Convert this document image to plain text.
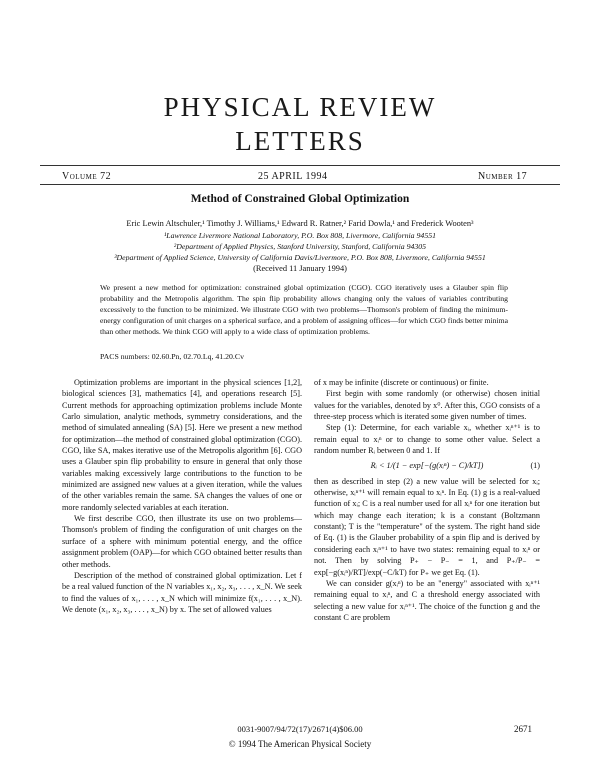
PHYSICAL REVIEW
LETTERS
Volume 72	25 APRIL 1994	Number 17
Method of Constrained Global Optimization
Eric Lewin Altschuler,¹ Timothy J. Williams,¹ Edward R. Ratner,² Farid Dowla,¹ and Frederick Wooten³
¹Lawrence Livermore National Laboratory, P.O. Box 808, Livermore, California 94551
²Department of Applied Physics, Stanford University, Stanford, California 94305
³Department of Applied Science, University of California Davis/Livermore, P.O. Box 808, Livermore, California 94551
(Received 11 January 1994)
We present a new method for optimization: constrained global optimization (CGO). CGO iteratively uses a Glauber spin flip probability and the Metropolis algorithm. The spin flip probability allows changing only the values of variables contributing excessively to the function to be minimized. We illustrate CGO with two problems—Thomson's problem of finding the minimum-energy configuration of unit charges on a spherical surface, and a problem of assigning offices—for which CGO finds better minima than other methods. We think CGO will apply to a wide class of optimization problems.
PACS numbers: 02.60.Pn, 02.70.Lq, 41.20.Cv

Optimization problems are important in the physical sciences [1,2], biological sciences [3], mathematics [4], and operations research [5]. Current methods for approaching optimization problems include Monte Carlo simulation, analytic methods, symmetry considerations, and the method of simulated annealing (SA) [5]. Here we present a new method for optimization—the method of constrained global optimization (CGO). CGO, like SA, makes iterative use of the Metropolis algorithm [6]. CGO uses a Glauber spin flip probability to ensure in general that only those variables making excessively large contributions to the function to be minimized are assigned new values at a given iteration, while the values of the other variables remain the same. SA changes the values of one or more randomly selected variables at each iteration.

We first describe CGO, then illustrate its use on two problems—Thomson's problem of finding the configuration of unit charges on the surface of a sphere with minimum potential energy, and the office assignment problem (OAP)—for which CGO obtained better results than other methods.

Description of the method of constrained global optimization. Let f be a real valued function of the N variables x₁, x₂, x₃, . . . , x_N. We seek to find the values of x₁, . . . , x_N which will minimize f(x₁, . . . , x_N). We denote (x₁, x₂, x₃, . . . , x_N) by x. The set of allowed values

of x may be infinite (discrete or continuous) or finite.

First begin with some randomly (or otherwise) chosen initial values for the variables, denoted by x⁰. After this, CGO consists of a three-step process which is iterated some given number of times.

Step (1): Determine, for each variable xᵢ, whether xᵢⁿ⁺¹ is to remain equal to xᵢⁿ or to change to some other value. Select a random number Rᵢ between 0 and 1. If

Rᵢ < 1/(1 − exp[−(g(xᵢⁿ) − C)/kT])	(1)

then as described in step (2) a new value will be selected for xᵢ; otherwise, xᵢⁿ⁺¹ will remain equal to xᵢⁿ. In Eq. (1) g is a real-valued function of xᵢ; C is a real number used for all xᵢⁿ for one iteration but which may change each iteration; k is a constant (Boltzmann constant); T is the "temperature" of the system. The right hand side of Eq. (1) is the Glauber probability of a spin flip and is derived by considering each xᵢⁿ⁺¹ to have two states: remaining equal to xᵢⁿ or not. Then by solving P₊ − P₋ = 1, and P₊/P₋ = exp[−g(xᵢⁿ)/RT]/exp(−C/kT) for P₊ we get Eq. (1).

We can consider g(xᵢⁿ) to be an "energy" associated with xᵢⁿ⁺¹ remaining equal to xᵢⁿ, and C a threshold energy associated with selecting a new value for xᵢⁿ⁺¹. The choice of the function g and the constant C are problem

0031-9007/94/72(17)/2671(4)$06.00	2671
© 1994 The American Physical Society
